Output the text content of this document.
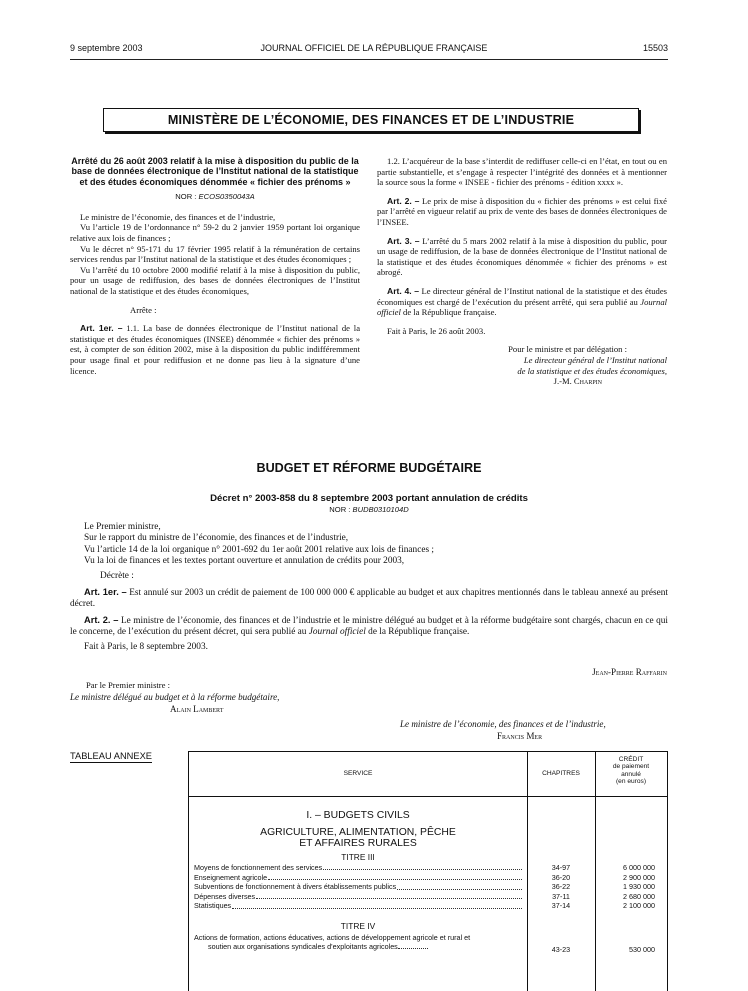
9 septembre 2003	JOURNAL OFFICIEL DE LA RÉPUBLIQUE FRANÇAISE	15503
MINISTÈRE DE L’ÉCONOMIE, DES FINANCES ET DE L’INDUSTRIE
Arrêté du 26 août 2003 relatif à la mise à disposition du public de la base de données électronique de l’Institut national de la statistique et des études économiques dénommée « fichier des prénoms »
NOR : ECOS0350043A

Le ministre de l’économie, des finances et de l’industrie,

Vu l’article 19 de l’ordonnance n° 59-2 du 2 janvier 1959 portant loi organique relative aux lois de finances ;

Vu le décret n° 95-171 du 17 février 1995 relatif à la rémunération de certains services rendus par l’Institut national de la statistique et des études économiques ;

Vu l’arrêté du 10 octobre 2000 modifié relatif à la mise à disposition du public, pour un usage de rediffusion, des bases de données électroniques de l’Institut national de la statistique et des études économiques,

Arrête :

Art. 1er. – 1.1. La base de données électronique de l’Institut national de la statistique et des études économiques (INSEE) dénommée « fichier des prénoms » est, à compter de son édition 2002, mise à la disposition du public indifféremment pour usage final et pour rediffusion et ne donne pas lieu à la signature d’une licence.

1.2. L’acquéreur de la base s’interdit de rediffuser celle-ci en l’état, en tout ou en partie substantielle, et s’engage à respecter l’intégrité des données et à mentionner la source sous la forme « INSEE - fichier des prénoms - édition xxxx ».

Art. 2. – Le prix de mise à disposition du « fichier des prénoms » est celui fixé par l’arrêté en vigueur relatif au prix de vente des bases de données électroniques de l’INSEE.

Art. 3. – L’arrêté du 5 mars 2002 relatif à la mise à disposition du public, pour un usage de rediffusion, de la base de données électronique de l’Institut national de la statistique et des études économiques dénommée « fichier des prénoms » est abrogé.

Art. 4. – Le directeur général de l’Institut national de la statistique et des études économiques est chargé de l’exécution du présent arrêté, qui sera publié au Journal officiel de la République française.

Fait à Paris, le 26 août 2003.

Pour le ministre et par délégation :

Le directeur général de l’Institut national

de la statistique et des études économiques,

J.-M. Charpin

BUDGET ET RÉFORME BUDGÉTAIRE
Décret n° 2003-858 du 8 septembre 2003 portant annulation de crédits
NOR : BUDB0310104D

Le Premier ministre,

Sur le rapport du ministre de l’économie, des finances et de l’industrie,

Vu l’article 14 de la loi organique n° 2001-692 du 1er août 2001 relative aux lois de finances ;

Vu la loi de finances et les textes portant ouverture et annulation de crédits pour 2003,

Décrète :

Art. 1er. – Est annulé sur 2003 un crédit de paiement de 100 000 000 € applicable au budget et aux chapitres mentionnés dans le tableau annexé au présent décret.

Art. 2. – Le ministre de l’économie, des finances et de l’industrie et le ministre délégué au budget et à la réforme budgétaire sont chargés, chacun en ce qui le concerne, de l’exécution du présent décret, qui sera publié au Journal officiel de la République française.

Fait à Paris, le 8 septembre 2003.

Jean-Pierre Raffarin
Par le Premier ministre :
Le ministre délégué au budget et à la réforme budgétaire,
Alain Lambert
Le ministre de l’économie, des finances et de l’industrie,
Francis Mer
TABLEAU ANNEXE
SERVICE	CHAPITRES
CRÉDIT
de paiement
annulé
(en euros)
I. – BUDGETS CIVILS
AGRICULTURE, ALIMENTATION, PÊCHE
ET AFFAIRES RURALES
TITRE III
Moyens de fonctionnement des services	34-97	6 000 000
Enseignement agricole	36-20	2 900 000
Subventions de fonctionnement à divers établissements publics	36-22	1 930 000
Dépenses diverses	37-11	2 680 000
Statistiques	37-14	2 100 000
TITRE IV
Actions de formation, actions éducatives, actions de développement agricole et rural et
soutien aux organisations syndicales d’exploitants agricoles	43-23	530 000
